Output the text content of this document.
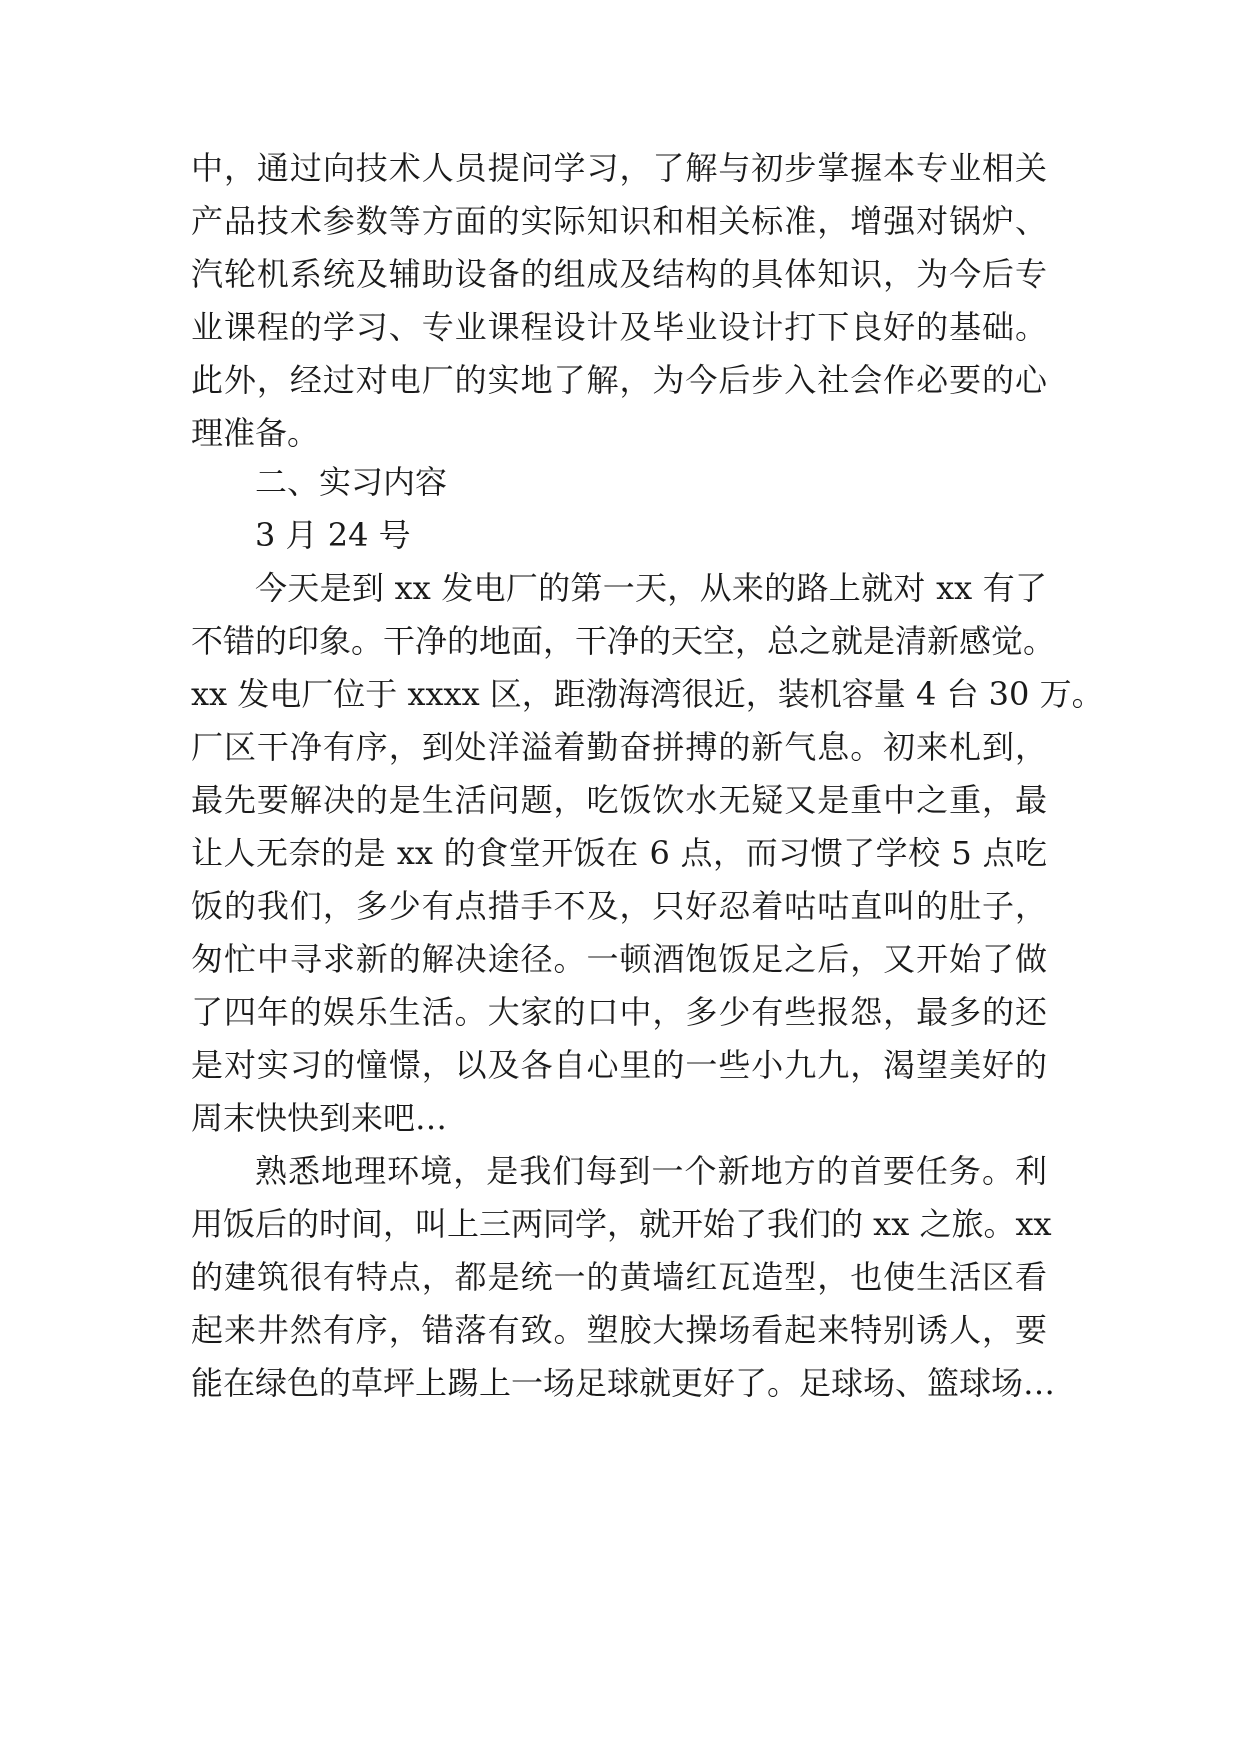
中，通过向技术人员提问学习，了解与初步掌握本专业相关
产品技术参数等方面的实际知识和相关标准，增强对锅炉、
汽轮机系统及辅助设备的组成及结构的具体知识，为今后专
业课程的学习、专业课程设计及毕业设计打下良好的基础。
此外，经过对电厂的实地了解，为今后步入社会作必要的心
理准备。
二、实习内容
3 月 24 号
今天是到 xx 发电厂的第一天，从来的路上就对 xx 有了
不错的印象。干净的地面，干净的天空，总之就是清新感觉。
xx 发电厂位于 xxxx 区，距渤海湾很近，装机容量 4 台 30 万。
厂区干净有序，到处洋溢着勤奋拼搏的新气息。初来札到，
最先要解决的是生活问题，吃饭饮水无疑又是重中之重，最
让人无奈的是 xx 的食堂开饭在 6 点，而习惯了学校 5 点吃
饭的我们，多少有点措手不及，只好忍着咕咕直叫的肚子，
匆忙中寻求新的解决途径。一顿酒饱饭足之后，又开始了做
了四年的娱乐生活。大家的口中，多少有些报怨，最多的还
是对实习的憧憬，以及各自心里的一些小九九，渴望美好的
周末快快到来吧…
熟悉地理环境，是我们每到一个新地方的首要任务。利
用饭后的时间，叫上三两同学，就开始了我们的 xx 之旅。xx
的建筑很有特点，都是统一的黄墙红瓦造型，也使生活区看
起来井然有序，错落有致。塑胶大操场看起来特别诱人，要
能在绿色的草坪上踢上一场足球就更好了。足球场、篮球场…
